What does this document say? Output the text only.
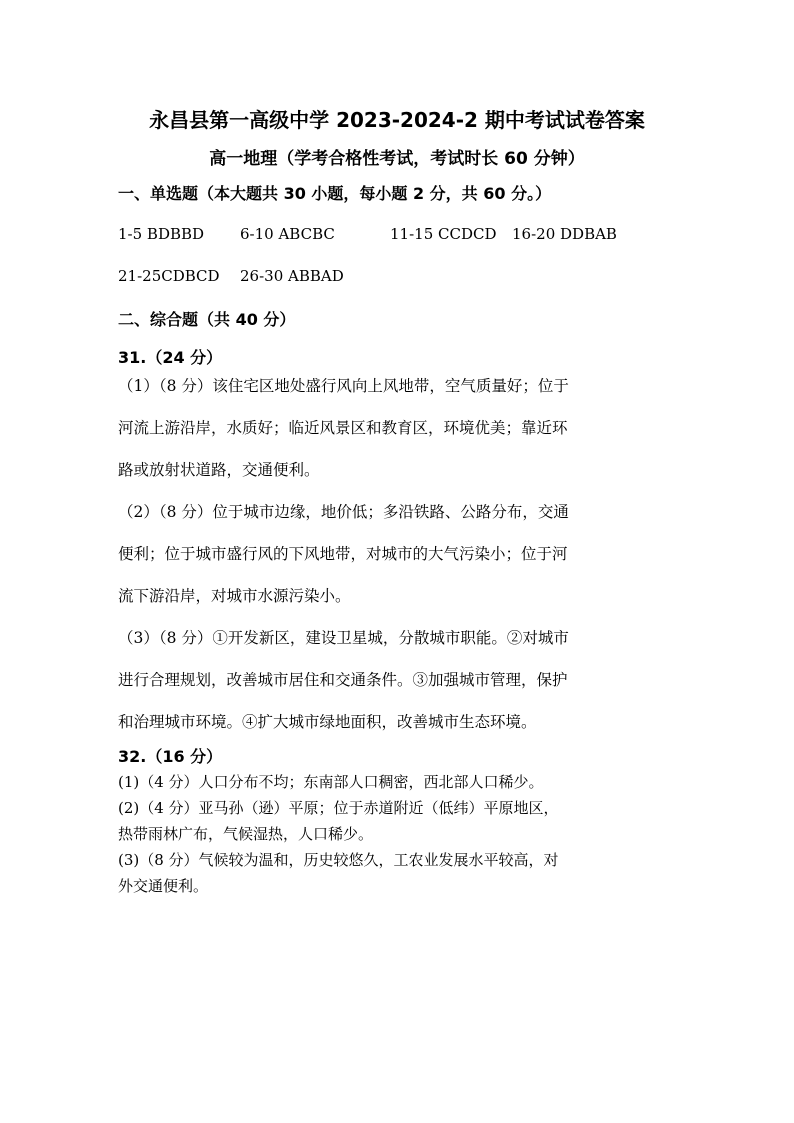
永昌县第一高级中学 2023-2024-2 期中考试试卷答案
高一地理（学考合格性考试，考试时长 60 分钟）
一、单选题（本大题共 30 小题，每小题 2 分，共 60 分。）
1-5 BDBBD 6-10 ABCBC	11-15 CCDCD 16-20 DDBAB
21-25CDBCD 26-30 ABBAD
二、综合题（共 40 分）
31.（24 分）
（1）（8 分）该住宅区地处盛行风向上风地带，空气质量好；位于
河流上游沿岸，水质好；临近风景区和教育区，环境优美；靠近环
路或放射状道路，交通便利。
（2）（8 分）位于城市边缘，地价低；多沿铁路、公路分布，交通
便利；位于城市盛行风的下风地带，对城市的大气污染小；位于河
流下游沿岸，对城市水源污染小。
（3）（8 分）①开发新区，建设卫星城，分散城市职能。②对城市
进行合理规划，改善城市居住和交通条件。③加强城市管理，保护
和治理城市环境。④扩大城市绿地面积，改善城市生态环境。
32.（16 分）
(1)（4 分）人口分布不均；东南部人口稠密，西北部人口稀少。
(2)（4 分）亚马孙（逊）平原；位于赤道附近（低纬）平原地区，
热带雨林广布，气候湿热，人口稀少。
(3)（8 分）气候较为温和，历史较悠久，工农业发展水平较高，对
外交通便利。
